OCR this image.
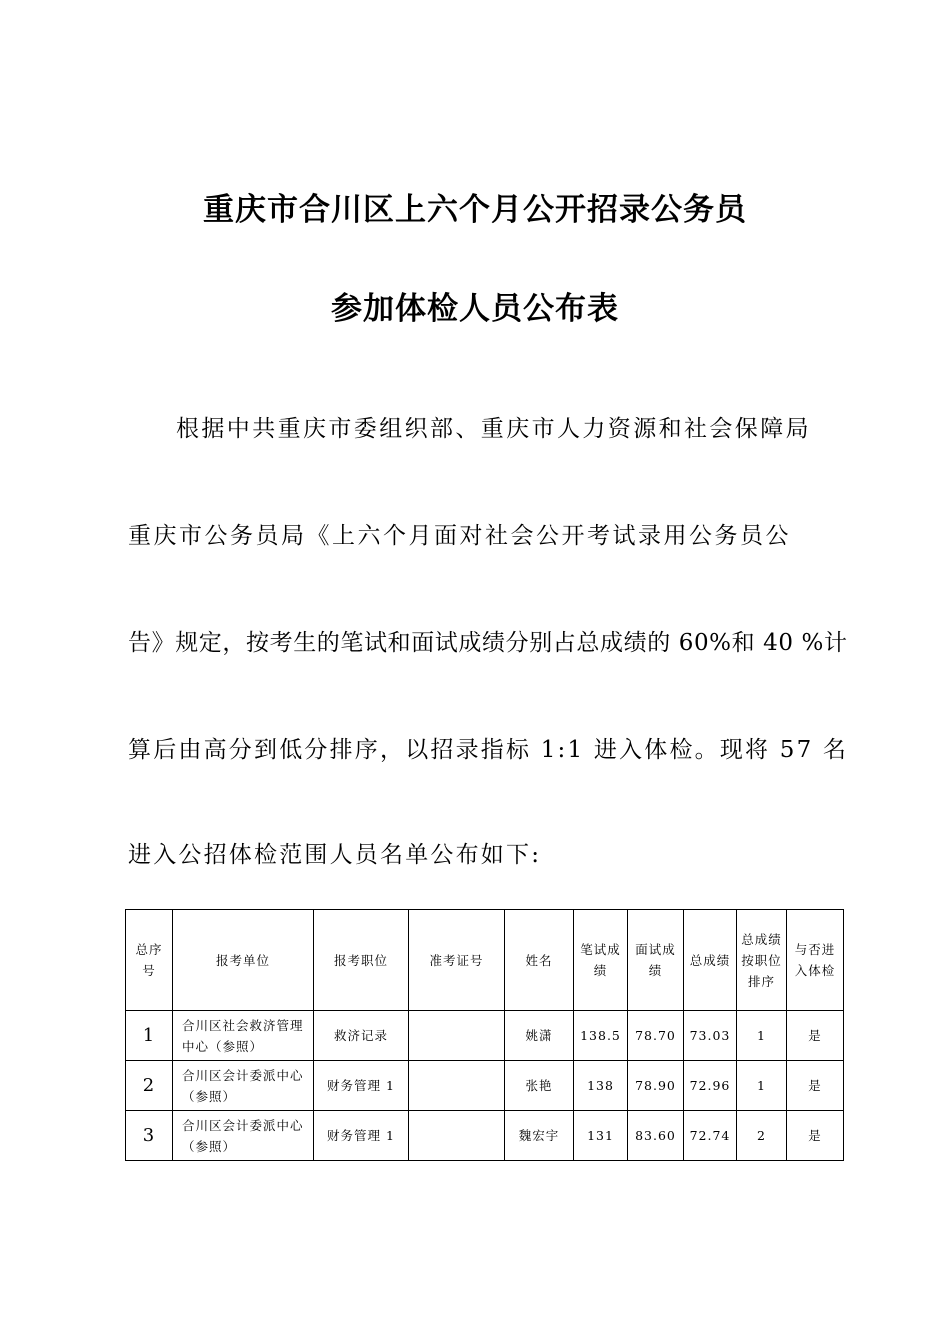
重庆市合川区上六个月公开招录公务员
参加体检人员公布表
根据中共重庆市委组织部、重庆市人力资源和社会保障局
重庆市公务员局《上六个月面对社会公开考试录用公务员公
告》规定，按考生的笔试和面试成绩分别占总成绩的 60%和 40 %计
算后由高分到低分排序，以招录指标 1:1 进入体检。现将 57 名
进入公招体检范围人员名单公布如下:
总序号	报考单位	报考职位	准考证号	姓名	笔试成绩	面试成绩	总成绩	总成绩按职位排序	与否进入体检
1	合川区社会救济管理中心（参照）	救济记录		姚潇	138.5	78.70	73.03	1	是
2	合川区会计委派中心（参照）	财务管理 1		张艳	138	78.90	72.96	1	是
3	合川区会计委派中心（参照）	财务管理 1		魏宏宇	131	83.60	72.74	2	是
